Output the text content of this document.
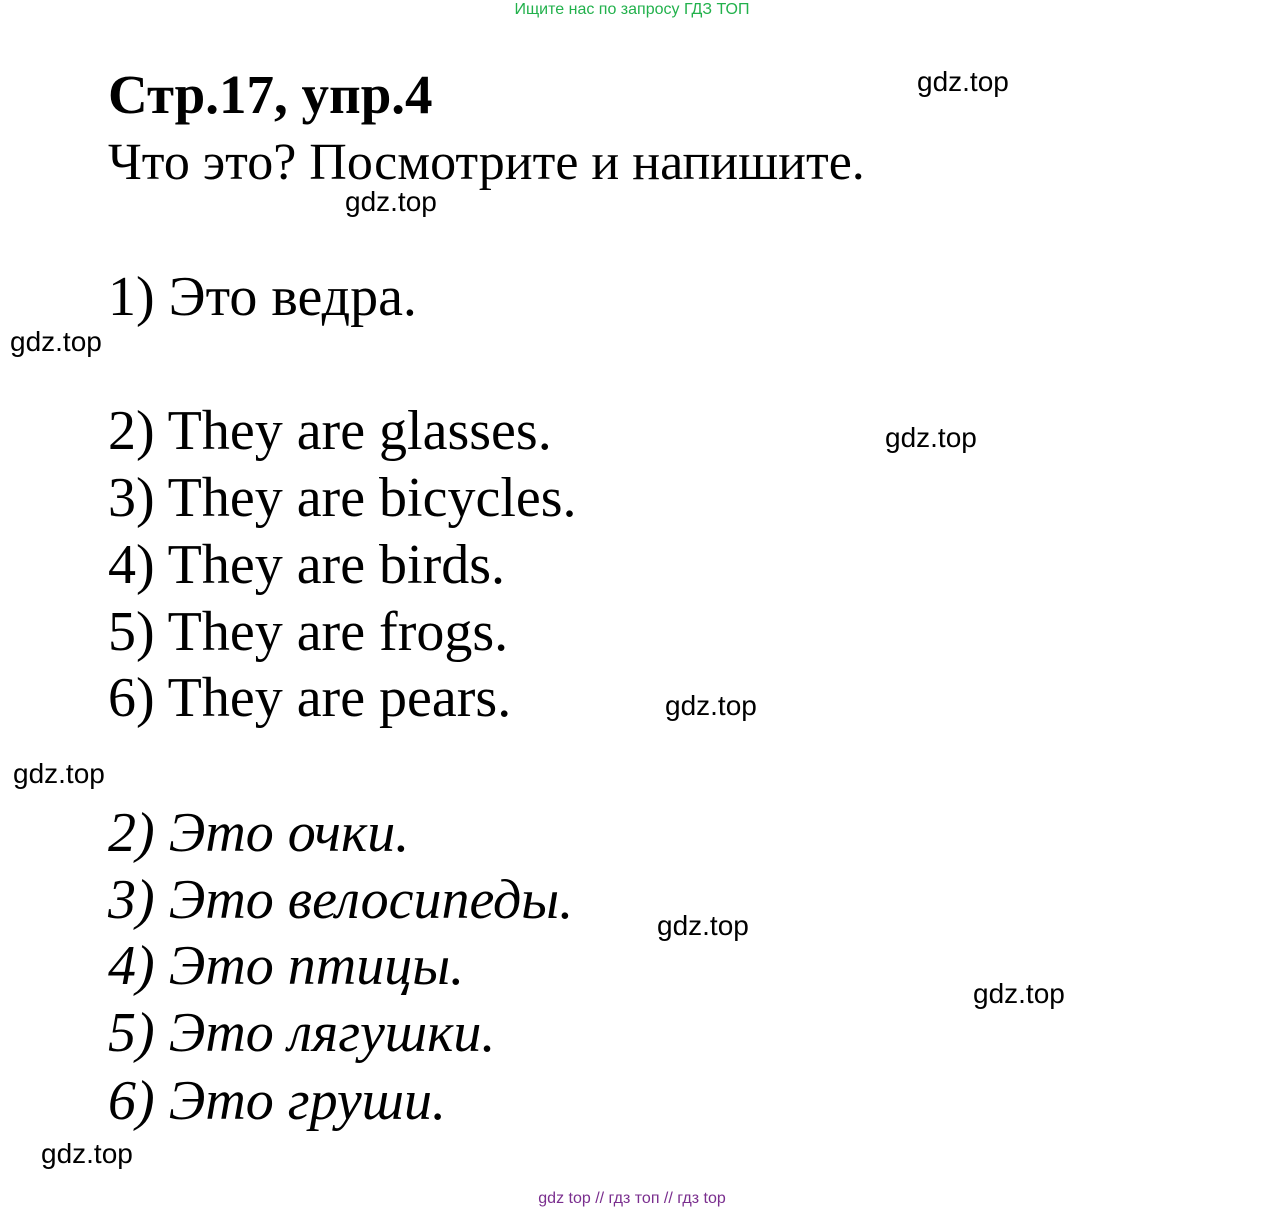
Ищите нас по запросу ГДЗ ТОП
Стр.17, упр.4
Что это? Посмотрите и напишите.
1) Это ведра.
2) They are glasses.
3) They are bicycles.
4) They are birds.
5) They are frogs.
6) They are pears.
2) Это очки.
3) Это велосипеды.
4) Это птицы.
5) Это лягушки.
6) Это груши.
gdz.top
gdz.top
gdz.top
gdz.top
gdz.top
gdz.top
gdz.top
gdz.top
gdz.top
gdz top // гдз топ // гдз top
